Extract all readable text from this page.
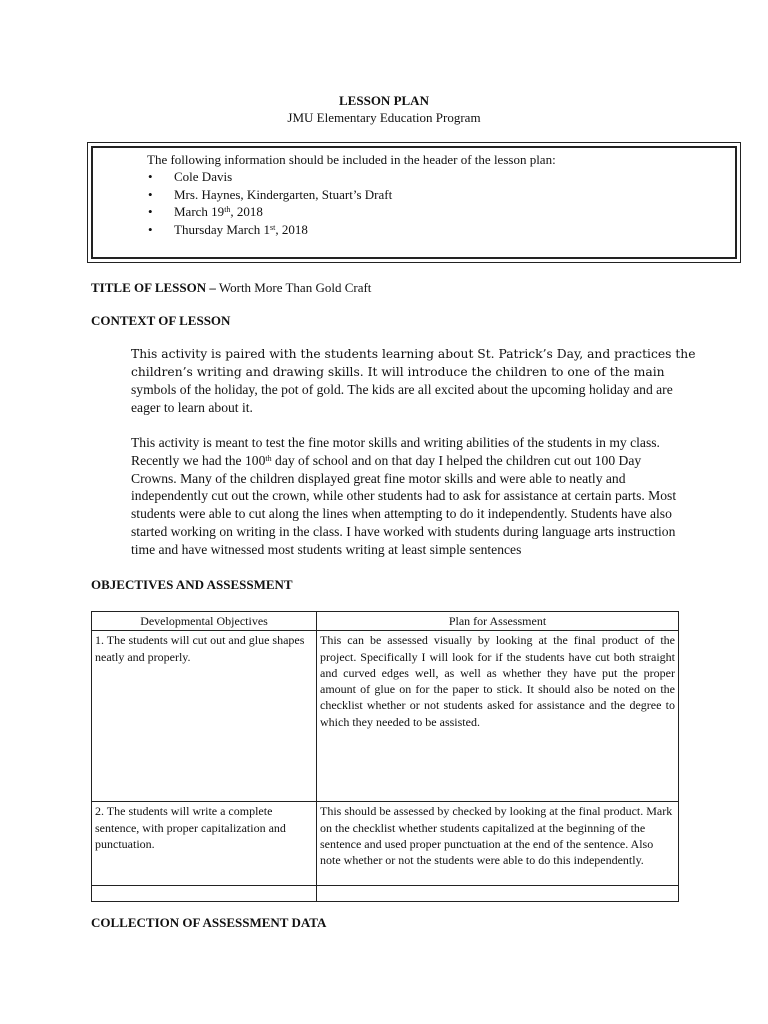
LESSON PLAN
JMU Elementary Education Program
The following information should be included in the header of the lesson plan:
• Cole Davis
• Mrs. Haynes, Kindergarten, Stuart’s Draft
• March 19th, 2018
• Thursday March 1st, 2018
TITLE OF LESSON – Worth More Than Gold Craft
CONTEXT OF LESSON
This activity is paired with the students learning about St. Patrick’s Day, and practices the
children’s writing and drawing skills. It will introduce the children to one of the main
symbols of the holiday, the pot of gold. The kids are all excited about the upcoming holiday and are eager to learn about it.
This activity is meant to test the fine motor skills and writing abilities of the students in my class. Recently we had the 100th day of school and on that day I helped the children cut out 100 Day Crowns. Many of the children displayed great fine motor skills and were able to neatly and independently cut out the crown, while other students had to ask for assistance at certain parts. Most students were able to cut along the lines when attempting to do it independently. Students have also started working on writing in the class. I have worked with students during language arts instruction time and have witnessed most students writing at least simple sentences
OBJECTIVES AND ASSESSMENT
Developmental Objectives	Plan for Assessment
1. The students will cut out and glue shapes neatly and properly.	This can be assessed visually by looking at the final product of the project. Specifically I will look for if the students have cut both straight and curved edges well, as well as whether they have put the proper amount of glue on for the paper to stick. It should also be noted on the checklist whether or not students asked for assistance and the degree to which they needed to be assisted.
2. The students will write a complete sentence, with proper capitalization and punctuation.	This should be assessed by checked by looking at the final product. Mark on the checklist whether students capitalized at the beginning of the sentence and used proper punctuation at the end of the sentence. Also note whether or not the students were able to do this independently.

COLLECTION OF ASSESSMENT DATA
